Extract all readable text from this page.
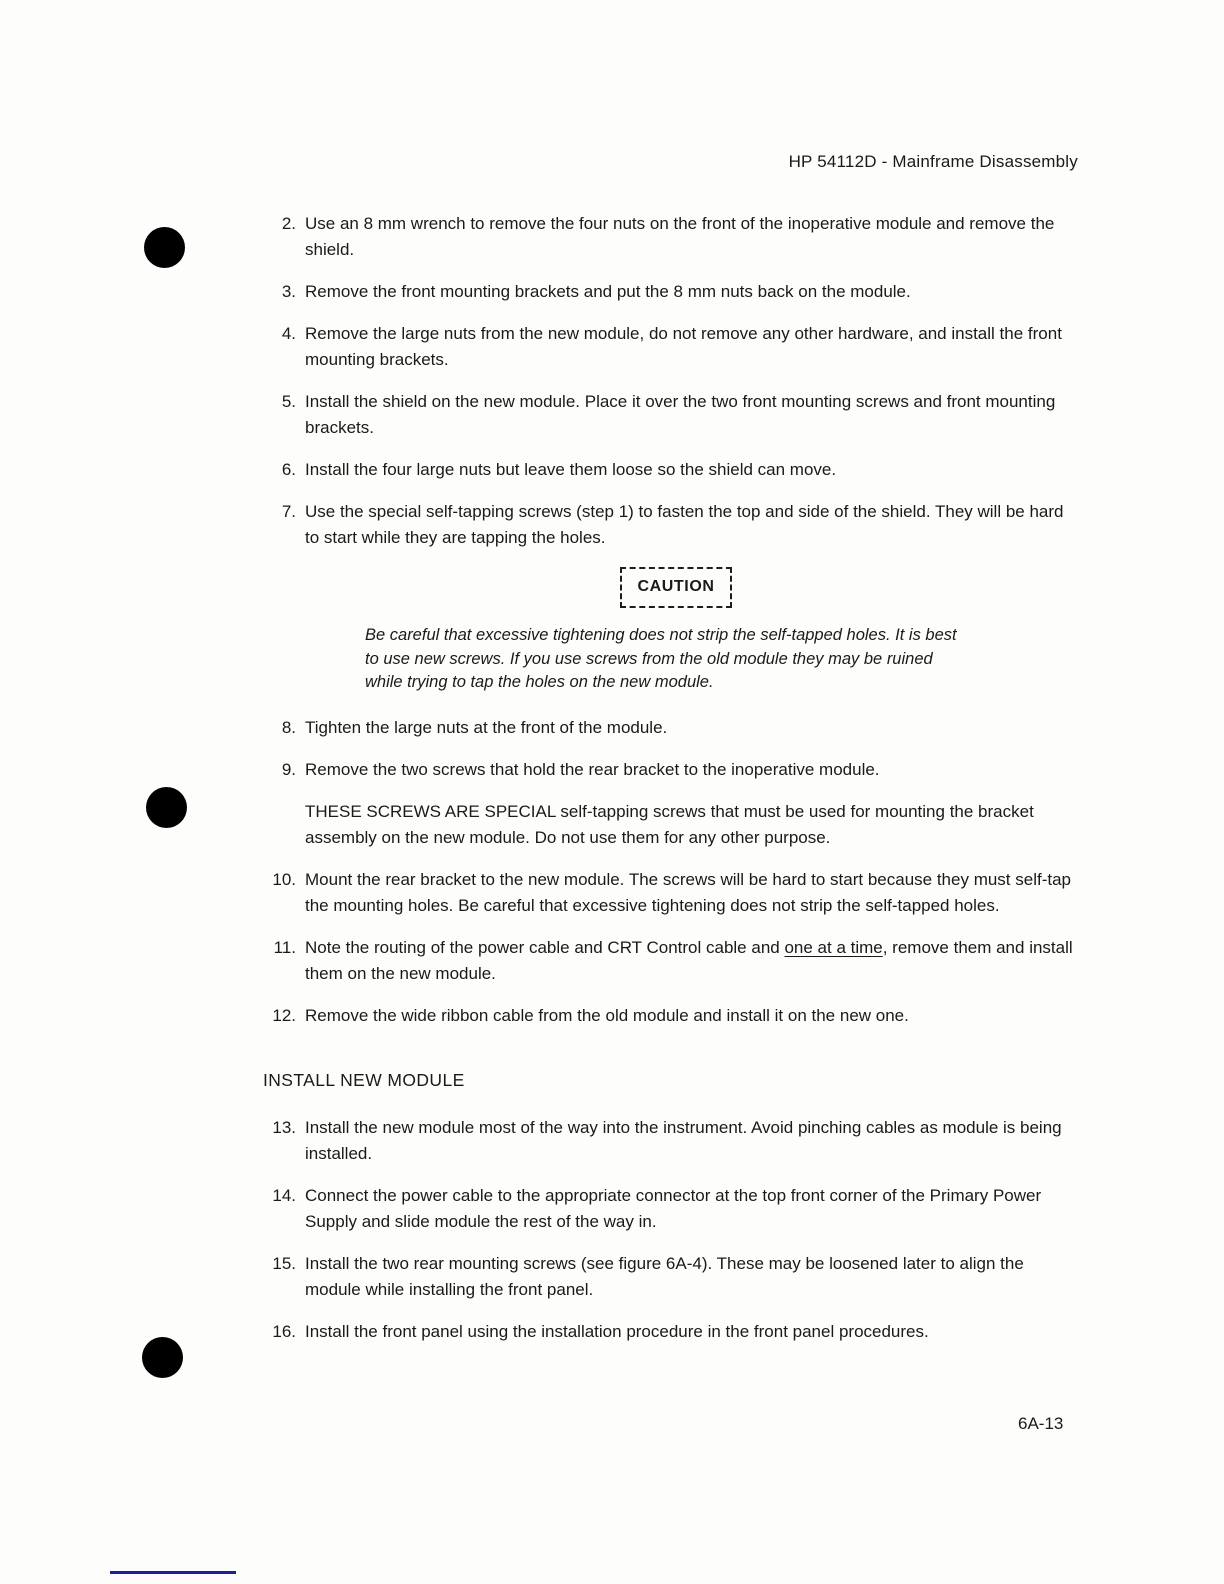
HP 54112D - Mainframe Disassembly
2. Use an 8 mm wrench to remove the four nuts on the front of the inoperative module and remove the shield.
3. Remove the front mounting brackets and put the 8 mm nuts back on the module.
4. Remove the large nuts from the new module, do not remove any other hardware, and install the front mounting brackets.
5. Install the shield on the new module. Place it over the two front mounting screws and front mounting brackets.
6. Install the four large nuts but leave them loose so the shield can move.
7. Use the special self-tapping screws (step 1) to fasten the top and side of the shield. They will be hard to start while they are tapping the holes.
CAUTION

Be careful that excessive tightening does not strip the self-tapped holes. It is best to use new screws. If you use screws from the old module they may be ruined while trying to tap the holes on the new module.

8. Tighten the large nuts at the front of the module.
9. Remove the two screws that hold the rear bracket to the inoperative module.

THESE SCREWS ARE SPECIAL self-tapping screws that must be used for mounting the bracket assembly on the new module. Do not use them for any other purpose.

10. Mount the rear bracket to the new module. The screws will be hard to start because they must self-tap the mounting holes. Be careful that excessive tightening does not strip the self-tapped holes.
11. Note the routing of the power cable and CRT Control cable and one at a time, remove them and install them on the new module.
12. Remove the wide ribbon cable from the old module and install it on the new one.
INSTALL NEW MODULE
13. Install the new module most of the way into the instrument. Avoid pinching cables as module is being installed.
14. Connect the power cable to the appropriate connector at the top front corner of the Primary Power Supply and slide module the rest of the way in.
15. Install the two rear mounting screws (see figure 6A-4). These may be loosened later to align the module while installing the front panel.
16. Install the front panel using the installation procedure in the front panel procedures.
6A-13
